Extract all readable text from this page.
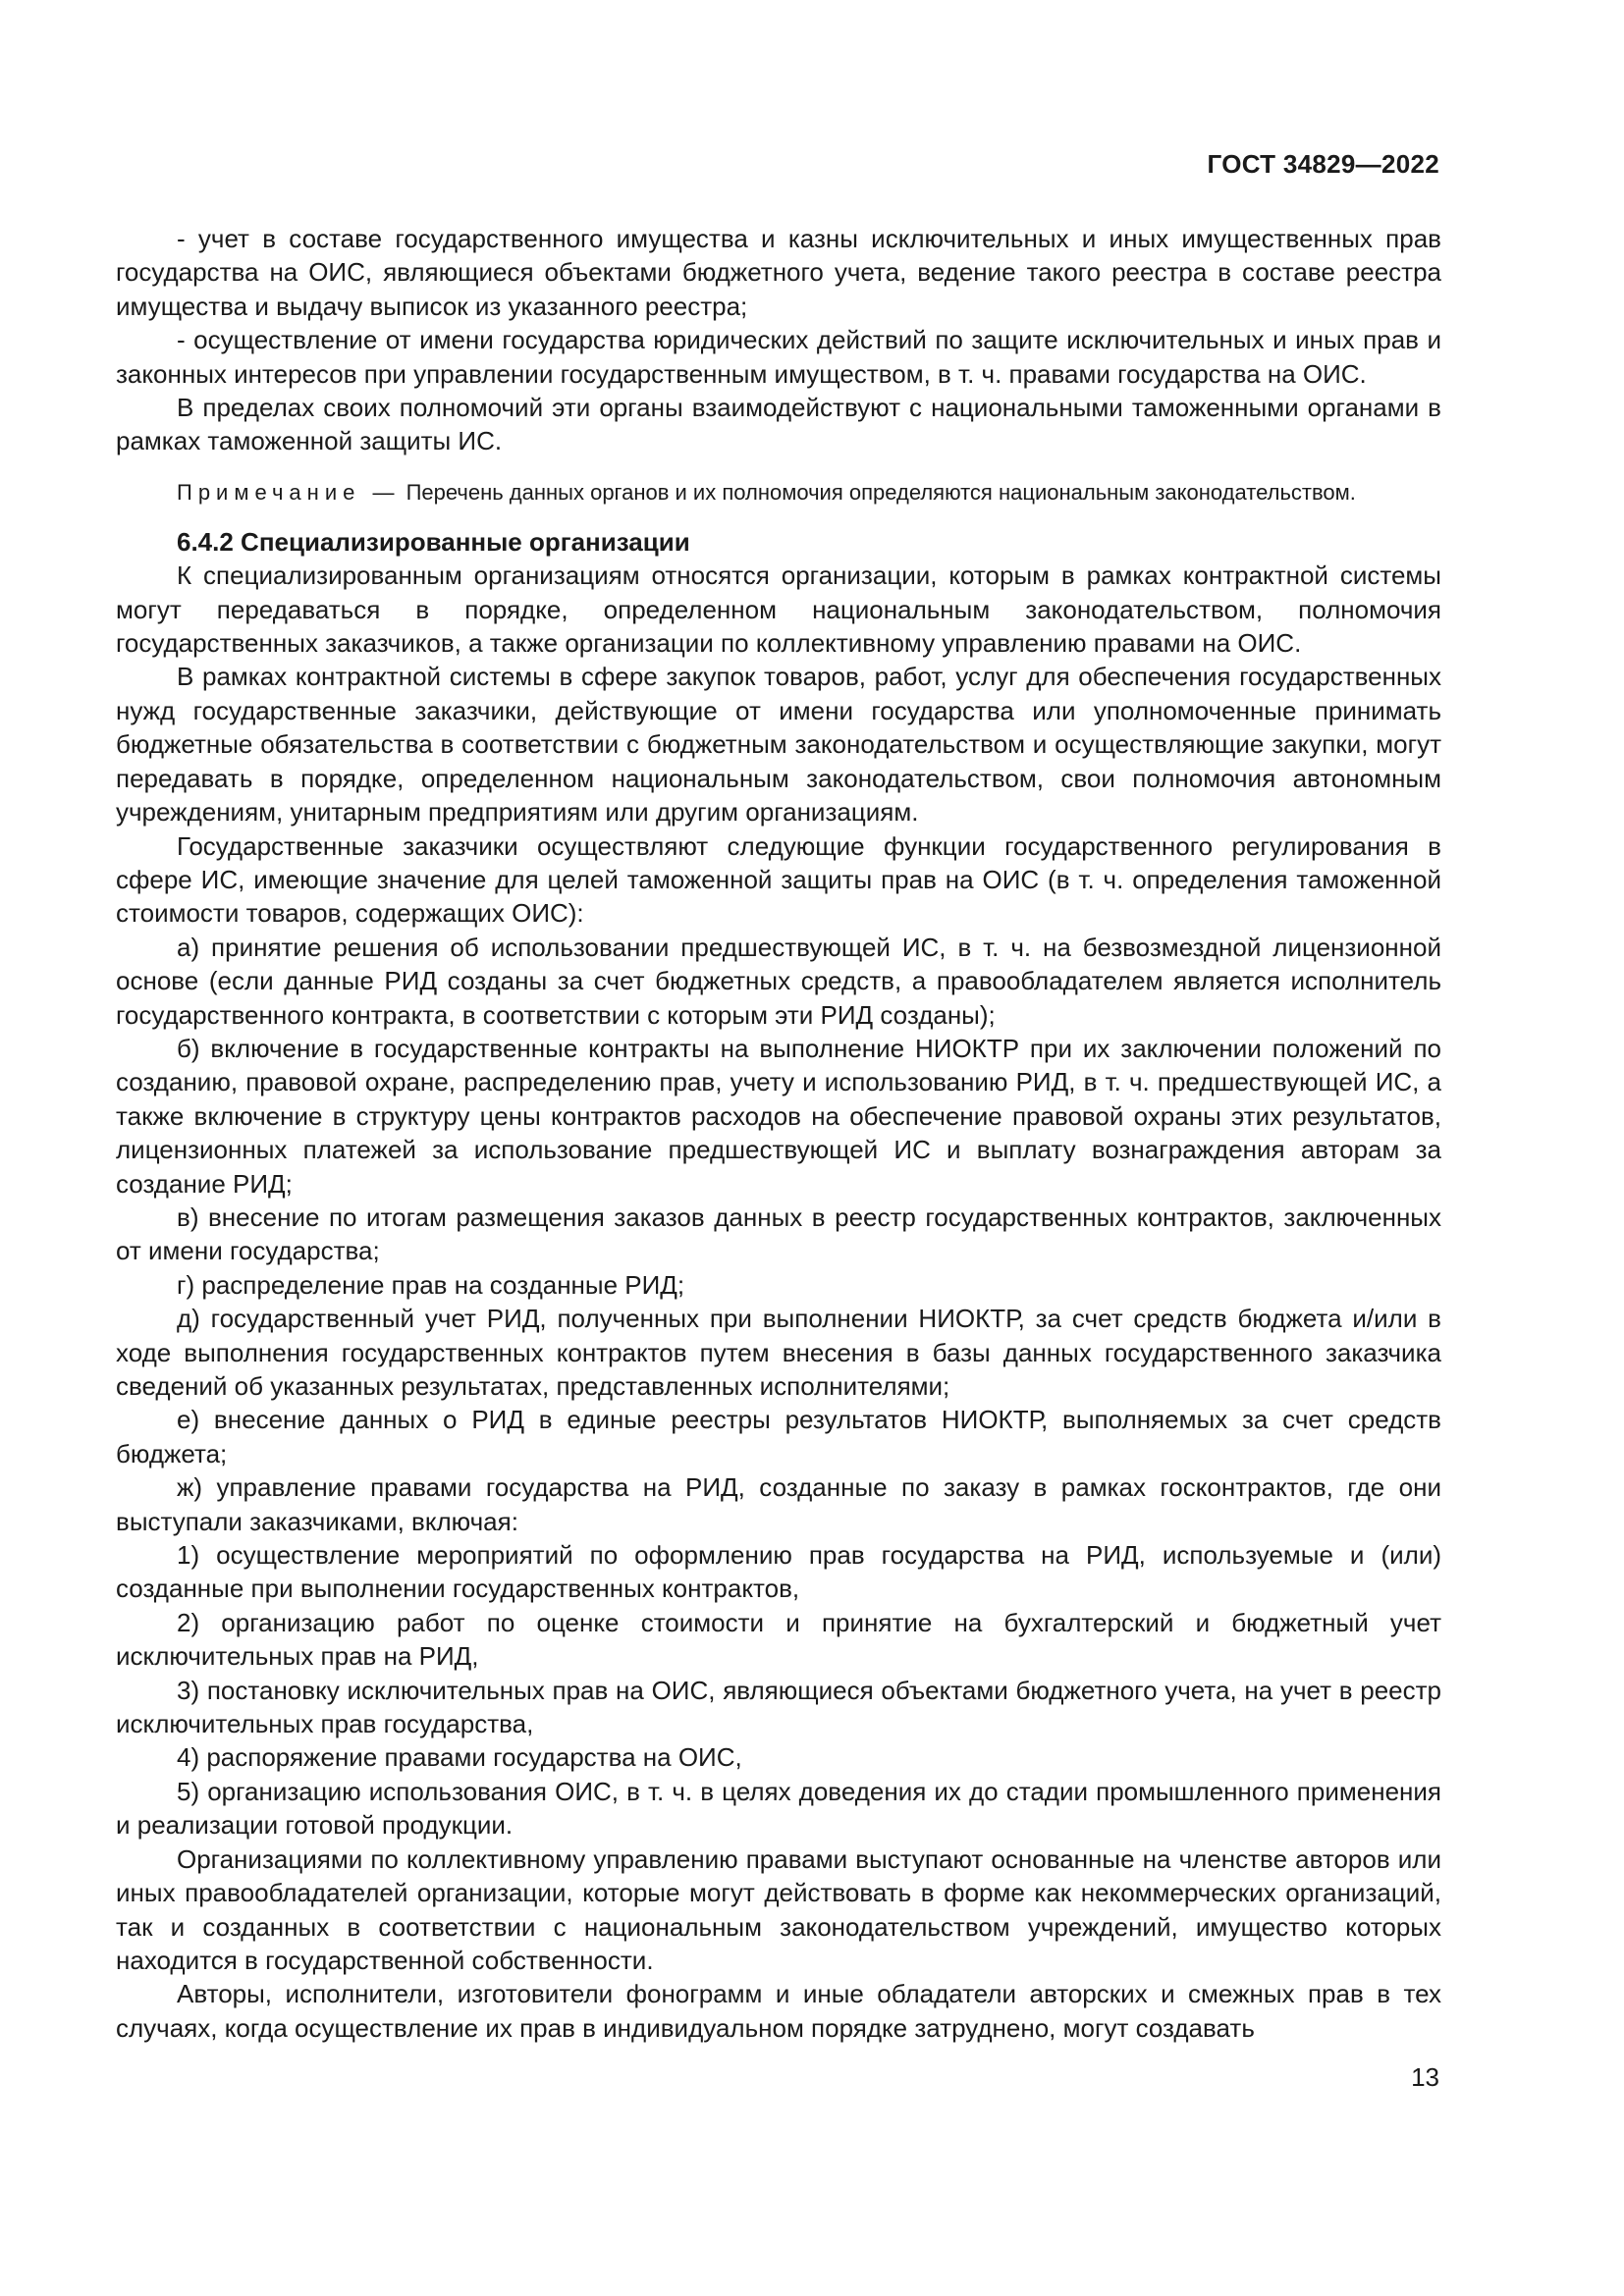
ГОСТ 34829—2022

- учет в составе государственного имущества и казны исключительных и иных имущественных прав государства на ОИС, являющиеся объектами бюджетного учета, ведение такого реестра в составе реестра имущества и выдачу выписок из указанного реестра;

- осуществление от имени государства юридических действий по защите исключительных и иных прав и законных интересов при управлении государственным имуществом, в т. ч. правами государства на ОИС.

В пределах своих полномочий эти органы взаимодействуют с национальными таможенными органами в рамках таможенной защиты ИС.

Примечание — Перечень данных органов и их полномочия определяются национальным законодательством.

6.4.2 Специализированные организации

К специализированным организациям относятся организации, которым в рамках контрактной системы могут передаваться в порядке, определенном национальным законодательством, полномочия государственных заказчиков, а также организации по коллективному управлению правами на ОИС.

В рамках контрактной системы в сфере закупок товаров, работ, услуг для обеспечения государственных нужд государственные заказчики, действующие от имени государства или уполномоченные принимать бюджетные обязательства в соответствии с бюджетным законодательством и осуществляющие закупки, могут передавать в порядке, определенном национальным законодательством, свои полномочия автономным учреждениям, унитарным предприятиям или другим организациям.

Государственные заказчики осуществляют следующие функции государственного регулирования в сфере ИС, имеющие значение для целей таможенной защиты прав на ОИС (в т. ч. определения таможенной стоимости товаров, содержащих ОИС):

а) принятие решения об использовании предшествующей ИС, в т. ч. на безвозмездной лицензионной основе (если данные РИД созданы за счет бюджетных средств, а правообладателем является исполнитель государственного контракта, в соответствии с которым эти РИД созданы);

б) включение в государственные контракты на выполнение НИОКТР при их заключении положений по созданию, правовой охране, распределению прав, учету и использованию РИД, в т. ч. предшествующей ИС, а также включение в структуру цены контрактов расходов на обеспечение правовой охраны этих результатов, лицензионных платежей за использование предшествующей ИС и выплату вознаграждения авторам за создание РИД;

в) внесение по итогам размещения заказов данных в реестр государственных контрактов, заключенных от имени государства;

г) распределение прав на созданные РИД;

д) государственный учет РИД, полученных при выполнении НИОКТР, за счет средств бюджета и/или в ходе выполнения государственных контрактов путем внесения в базы данных государственного заказчика сведений об указанных результатах, представленных исполнителями;

е) внесение данных о РИД в единые реестры результатов НИОКТР, выполняемых за счет средств бюджета;

ж) управление правами государства на РИД, созданные по заказу в рамках госконтрактов, где они выступали заказчиками, включая:

1) осуществление мероприятий по оформлению прав государства на РИД, используемые и (или) созданные при выполнении государственных контрактов,

2) организацию работ по оценке стоимости и принятие на бухгалтерский и бюджетный учет исключительных прав на РИД,

3) постановку исключительных прав на ОИС, являющиеся объектами бюджетного учета, на учет в реестр исключительных прав государства,

4) распоряжение правами государства на ОИС,

5) организацию использования ОИС, в т. ч. в целях доведения их до стадии промышленного применения и реализации готовой продукции.

Организациями по коллективному управлению правами выступают основанные на членстве авторов или иных правообладателей организации, которые могут действовать в форме как некоммерческих организаций, так и созданных в соответствии с национальным законодательством учреждений, имущество которых находится в государственной собственности.

Авторы, исполнители, изготовители фонограмм и иные обладатели авторских и смежных прав в тех случаях, когда осуществление их прав в индивидуальном порядке затруднено, могут создавать

13
